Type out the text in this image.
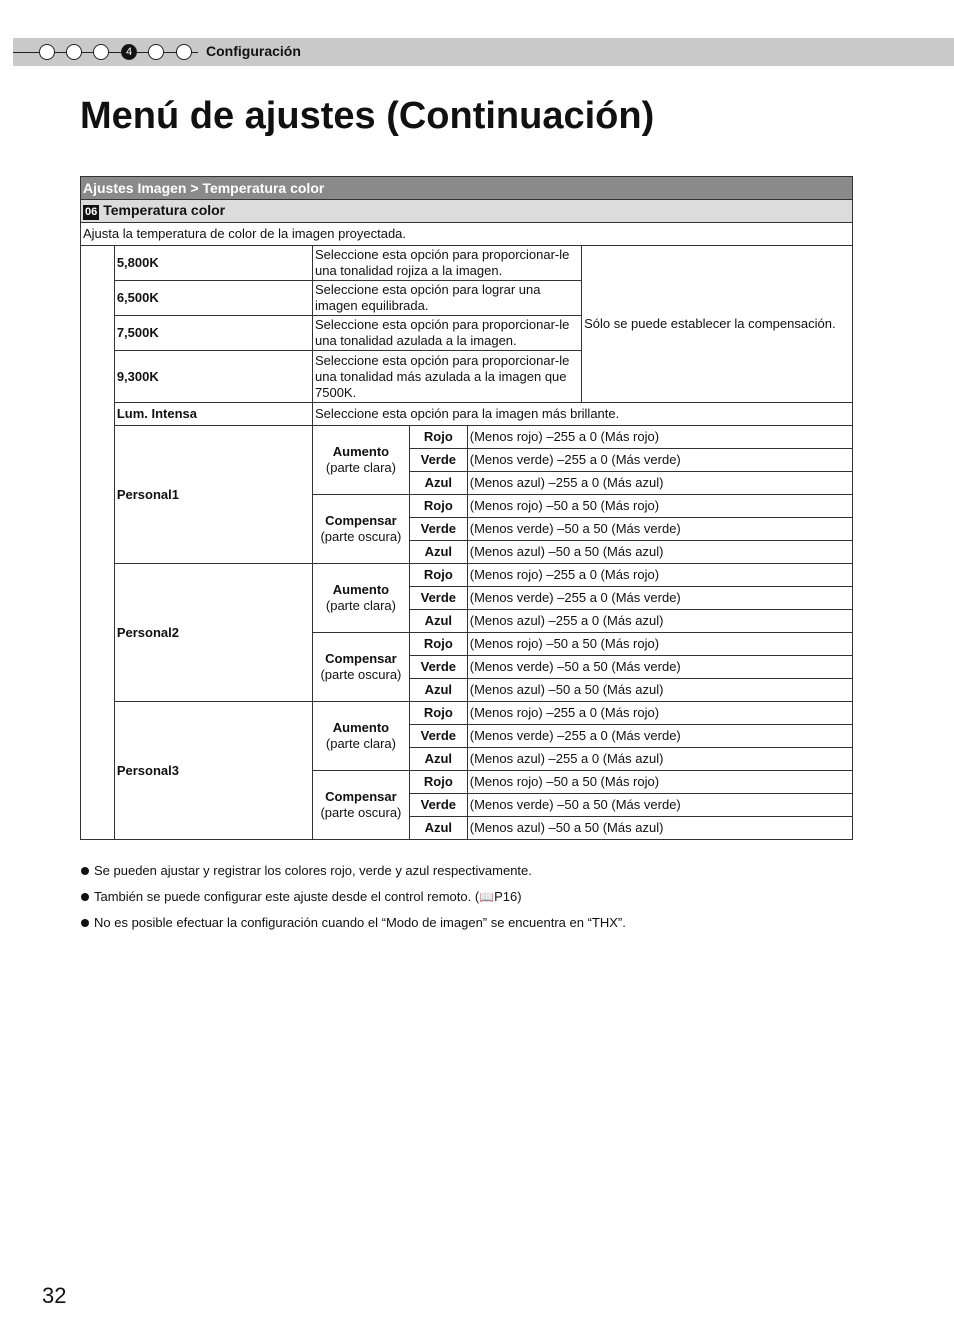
4	Configuración
Menú de ajustes (Continuación)
Ajustes Imagen > Temperatura color					
06 Temperatura color					
Ajusta la temperatura de color de la imagen proyectada.					
	5,800K	Seleccione esta opción para proporcionar-le una tonalidad rojiza a la imagen.			Sólo se puede establecer la compensación.
	6,500K	Seleccione esta opción para lograr una imagen equilibrada.			
	7,500K	Seleccione esta opción para proporcionar-le una tonalidad azulada a la imagen.			
	9,300K	Seleccione esta opción para proporcionar-le una tonalidad más azulada a la imagen que 7500K.			
	Lum. Intensa	Seleccione esta opción para la imagen más brillante.			
	Personal1	Aumento
(parte clara)	Rojo	(Menos rojo) –255 a 0 (Más rojo)	
			Verde	(Menos verde) –255 a 0 (Más verde)	
			Azul	(Menos azul) –255 a 0 (Más azul)	
		Compensar
(parte oscura)	Rojo	(Menos rojo) –50 a 50 (Más rojo)	
			Verde	(Menos verde) –50 a 50 (Más verde)	
			Azul	(Menos azul) –50 a 50 (Más azul)	
	Personal2	Aumento
(parte clara)	Rojo	(Menos rojo) –255 a 0 (Más rojo)	
			Verde	(Menos verde) –255 a 0 (Más verde)	
			Azul	(Menos azul) –255 a 0 (Más azul)	
		Compensar
(parte oscura)	Rojo	(Menos rojo) –50 a 50 (Más rojo)	
			Verde	(Menos verde) –50 a 50 (Más verde)	
			Azul	(Menos azul) –50 a 50 (Más azul)	
	Personal3	Aumento
(parte clara)	Rojo	(Menos rojo) –255 a 0 (Más rojo)	
			Verde	(Menos verde) –255 a 0 (Más verde)	
			Azul	(Menos azul) –255 a 0 (Más azul)	
		Compensar
(parte oscura)	Rojo	(Menos rojo) –50 a 50 (Más rojo)	
			Verde	(Menos verde) –50 a 50 (Más verde)	
			Azul	(Menos azul) –50 a 50 (Más azul)	
Se pueden ajustar y registrar los colores rojo, verde y azul respectivamente.
También se puede configurar este ajuste desde el control remoto. (📖P16)
No es posible efectuar la configuración cuando el “Modo de imagen” se encuentra en “THX”.
32
